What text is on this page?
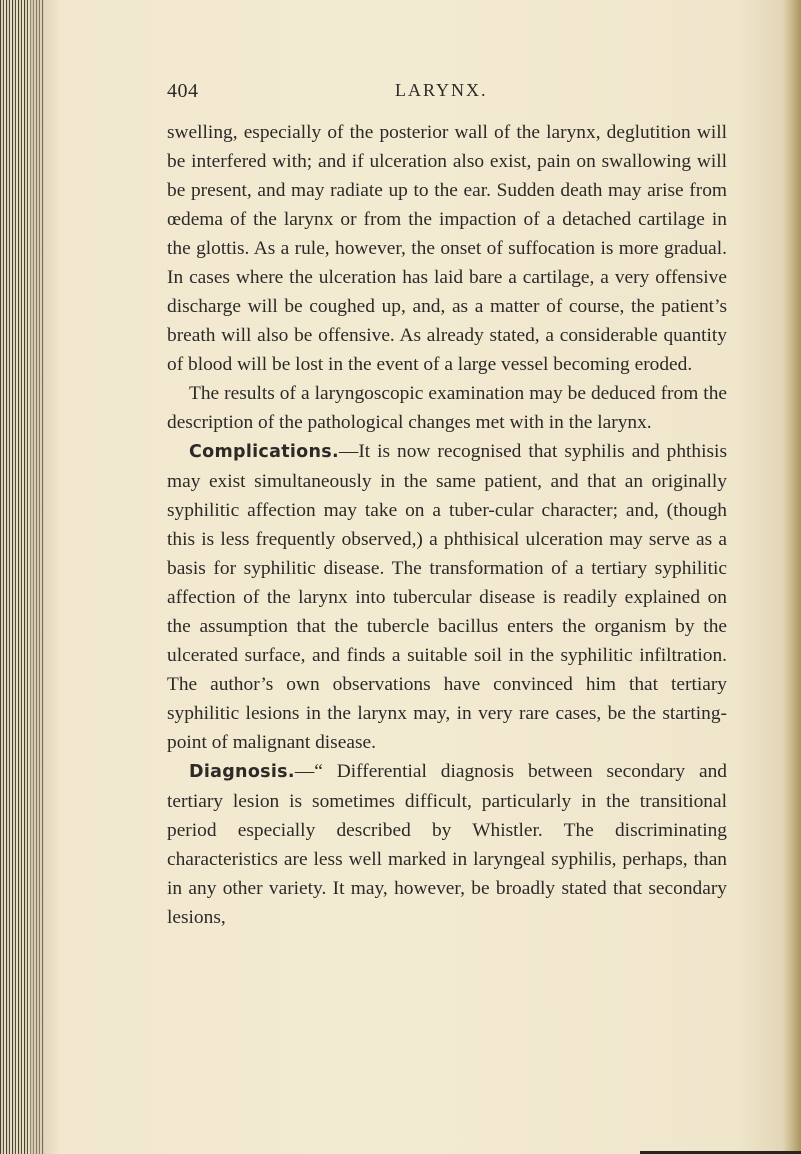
404	LARYNX.

swelling, especially of the posterior wall of the larynx, deglutition will be interfered with; and if ulceration also exist, pain on swallowing will be present, and may radiate up to the ear. Sudden death may arise from œdema of the larynx or from the impaction of a detached cartilage in the glottis. As a rule, however, the onset of suffocation is more gradual. In cases where the ulceration has laid bare a cartilage, a very offensive discharge will be coughed up, and, as a matter of course, the patient’s breath will also be offensive. As already stated, a considerable quantity of blood will be lost in the event of a large vessel becoming eroded.

The results of a laryngoscopic examination may be deduced from the description of the pathological changes met with in the larynx.

Complications.—It is now recognised that syphilis and phthisis may exist simultaneously in the same patient, and that an originally syphilitic affection may take on a tuber-cular character; and, (though this is less frequently observed,) a phthisical ulceration may serve as a basis for syphilitic disease. The transformation of a tertiary syphilitic affection of the larynx into tubercular disease is readily explained on the assumption that the tubercle bacillus enters the organism by the ulcerated surface, and finds a suitable soil in the syphilitic infiltration. The author’s own observations have convinced him that tertiary syphilitic lesions in the larynx may, in very rare cases, be the starting-point of malignant disease.

Diagnosis.—“ Differential diagnosis between secondary and tertiary lesion is sometimes difficult, particularly in the transitional period especially described by Whistler. The discriminating characteristics are less well marked in laryngeal syphilis, perhaps, than in any other variety. It may, however, be broadly stated that secondary lesions,
